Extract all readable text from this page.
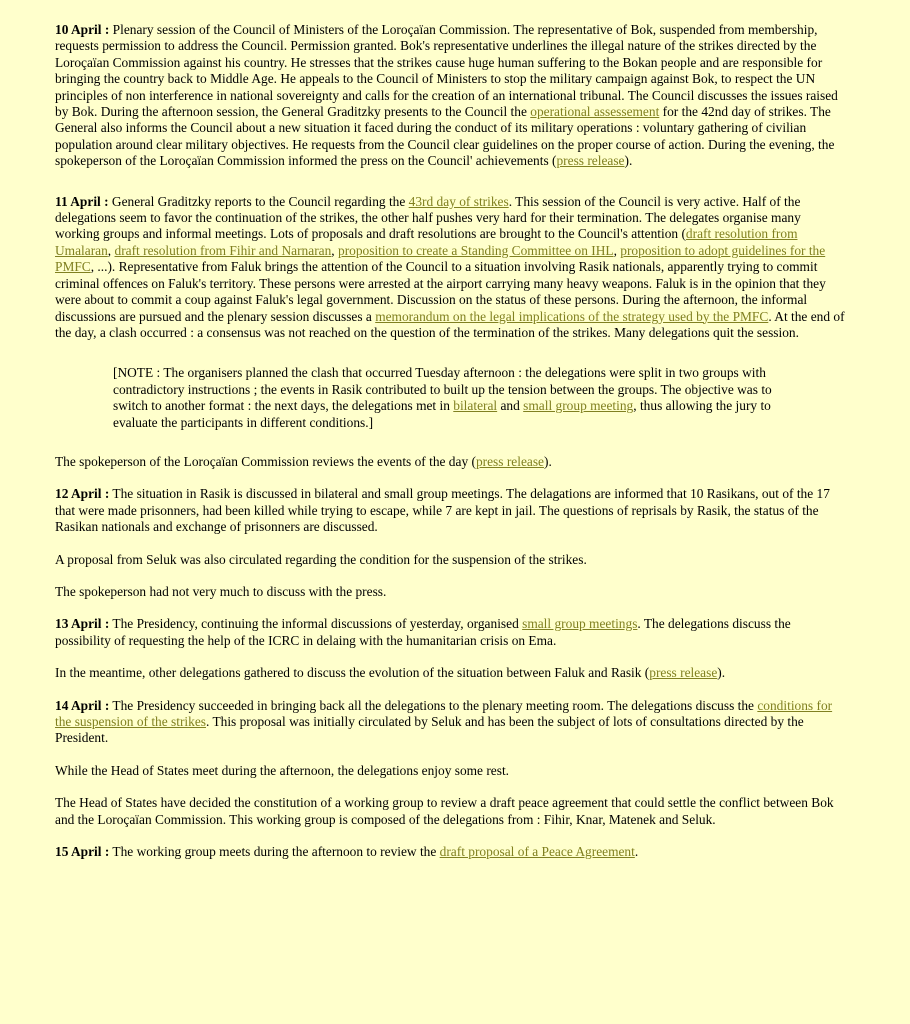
10 April : Plenary session of the Council of Ministers of the Loroçaïan Commission. The representative of Bok, suspended from membership, requests permission to address the Council. Permission granted. Bok's representative underlines the illegal nature of the strikes directed by the Loroçaïan Commission against his country. He stresses that the strikes cause huge human suffering to the Bokan people and are responsible for bringing the country back to Middle Age. He appeals to the Council of Ministers to stop the military campaign against Bok, to respect the UN principles of non interference in national sovereignty and calls for the creation of an international tribunal. The Council discusses the issues raised by Bok. During the afternoon session, the General Graditzky presents to the Council the operational assessement for the 42nd day of strikes. The General also informs the Council about a new situation it faced during the conduct of its military operations : voluntary gathering of civilian population around clear military objectives. He requests from the Council clear guidelines on the proper course of action. During the evening, the spokeperson of the Loroçaïan Commission informed the press on the Council' achievements (press release).

11 April : General Graditzky reports to the Council regarding the 43rd day of strikes. This session of the Council is very active. Half of the delegations seem to favor the continuation of the strikes, the other half pushes very hard for their termination. The delegates organise many working groups and informal meetings. Lots of proposals and draft resolutions are brought to the Council's attention (draft resolution from Umalaran, draft resolution from Fihir and Narnaran, proposition to create a Standing Committee on IHL, proposition to adopt guidelines for the PMFC, ...). Representative from Faluk brings the attention of the Council to a situation involving Rasik nationals, apparently trying to commit criminal offences on Faluk's territory. These persons were arrested at the airport carrying many heavy weapons. Faluk is in the opinion that they were about to commit a coup against Faluk's legal government. Discussion on the status of these persons. During the afternoon, the informal discussions are pursued and the plenary session discusses a memorandum on the legal implications of the strategy used by the PMFC. At the end of the day, a clash occurred : a consensus was not reached on the question of the termination of the strikes. Many delegations quit the session.

[NOTE : The organisers planned the clash that occurred Tuesday afternoon : the delegations were split in two groups with contradictory instructions ; the events in Rasik contributed to built up the tension between the groups. The objective was to switch to another format : the next days, the delegations met in bilateral and small group meeting, thus allowing the jury to evaluate the participants in different conditions.]

The spokeperson of the Loroçaïan Commission reviews the events of the day (press release).

12 April : The situation in Rasik is discussed in bilateral and small group meetings. The delagations are informed that 10 Rasikans, out of the 17 that were made prisonners, had been killed while trying to escape, while 7 are kept in jail. The questions of reprisals by Rasik, the status of the Rasikan nationals and exchange of prisonners are discussed.

A proposal from Seluk was also circulated regarding the condition for the suspension of the strikes.

The spokeperson had not very much to discuss with the press.

13 April : The Presidency, continuing the informal discussions of yesterday, organised small group meetings. The delegations discuss the possibility of requesting the help of the ICRC in delaing with the humanitarian crisis on Ema.

In the meantime, other delegations gathered to discuss the evolution of the situation between Faluk and Rasik (press release).

14 April : The Presidency succeeded in bringing back all the delegations to the plenary meeting room. The delegations discuss the conditions for the suspension of the strikes. This proposal was initially circulated by Seluk and has been the subject of lots of consultations directed by the President.

While the Head of States meet during the afternoon, the delegations enjoy some rest.

The Head of States have decided the constitution of a working group to review a draft peace agreement that could settle the conflict between Bok and the Loroçaïan Commission. This working group is composed of the delegations from : Fihir, Knar, Matenek and Seluk.

15 April : The working group meets during the afternoon to review the draft proposal of a Peace Agreement.
